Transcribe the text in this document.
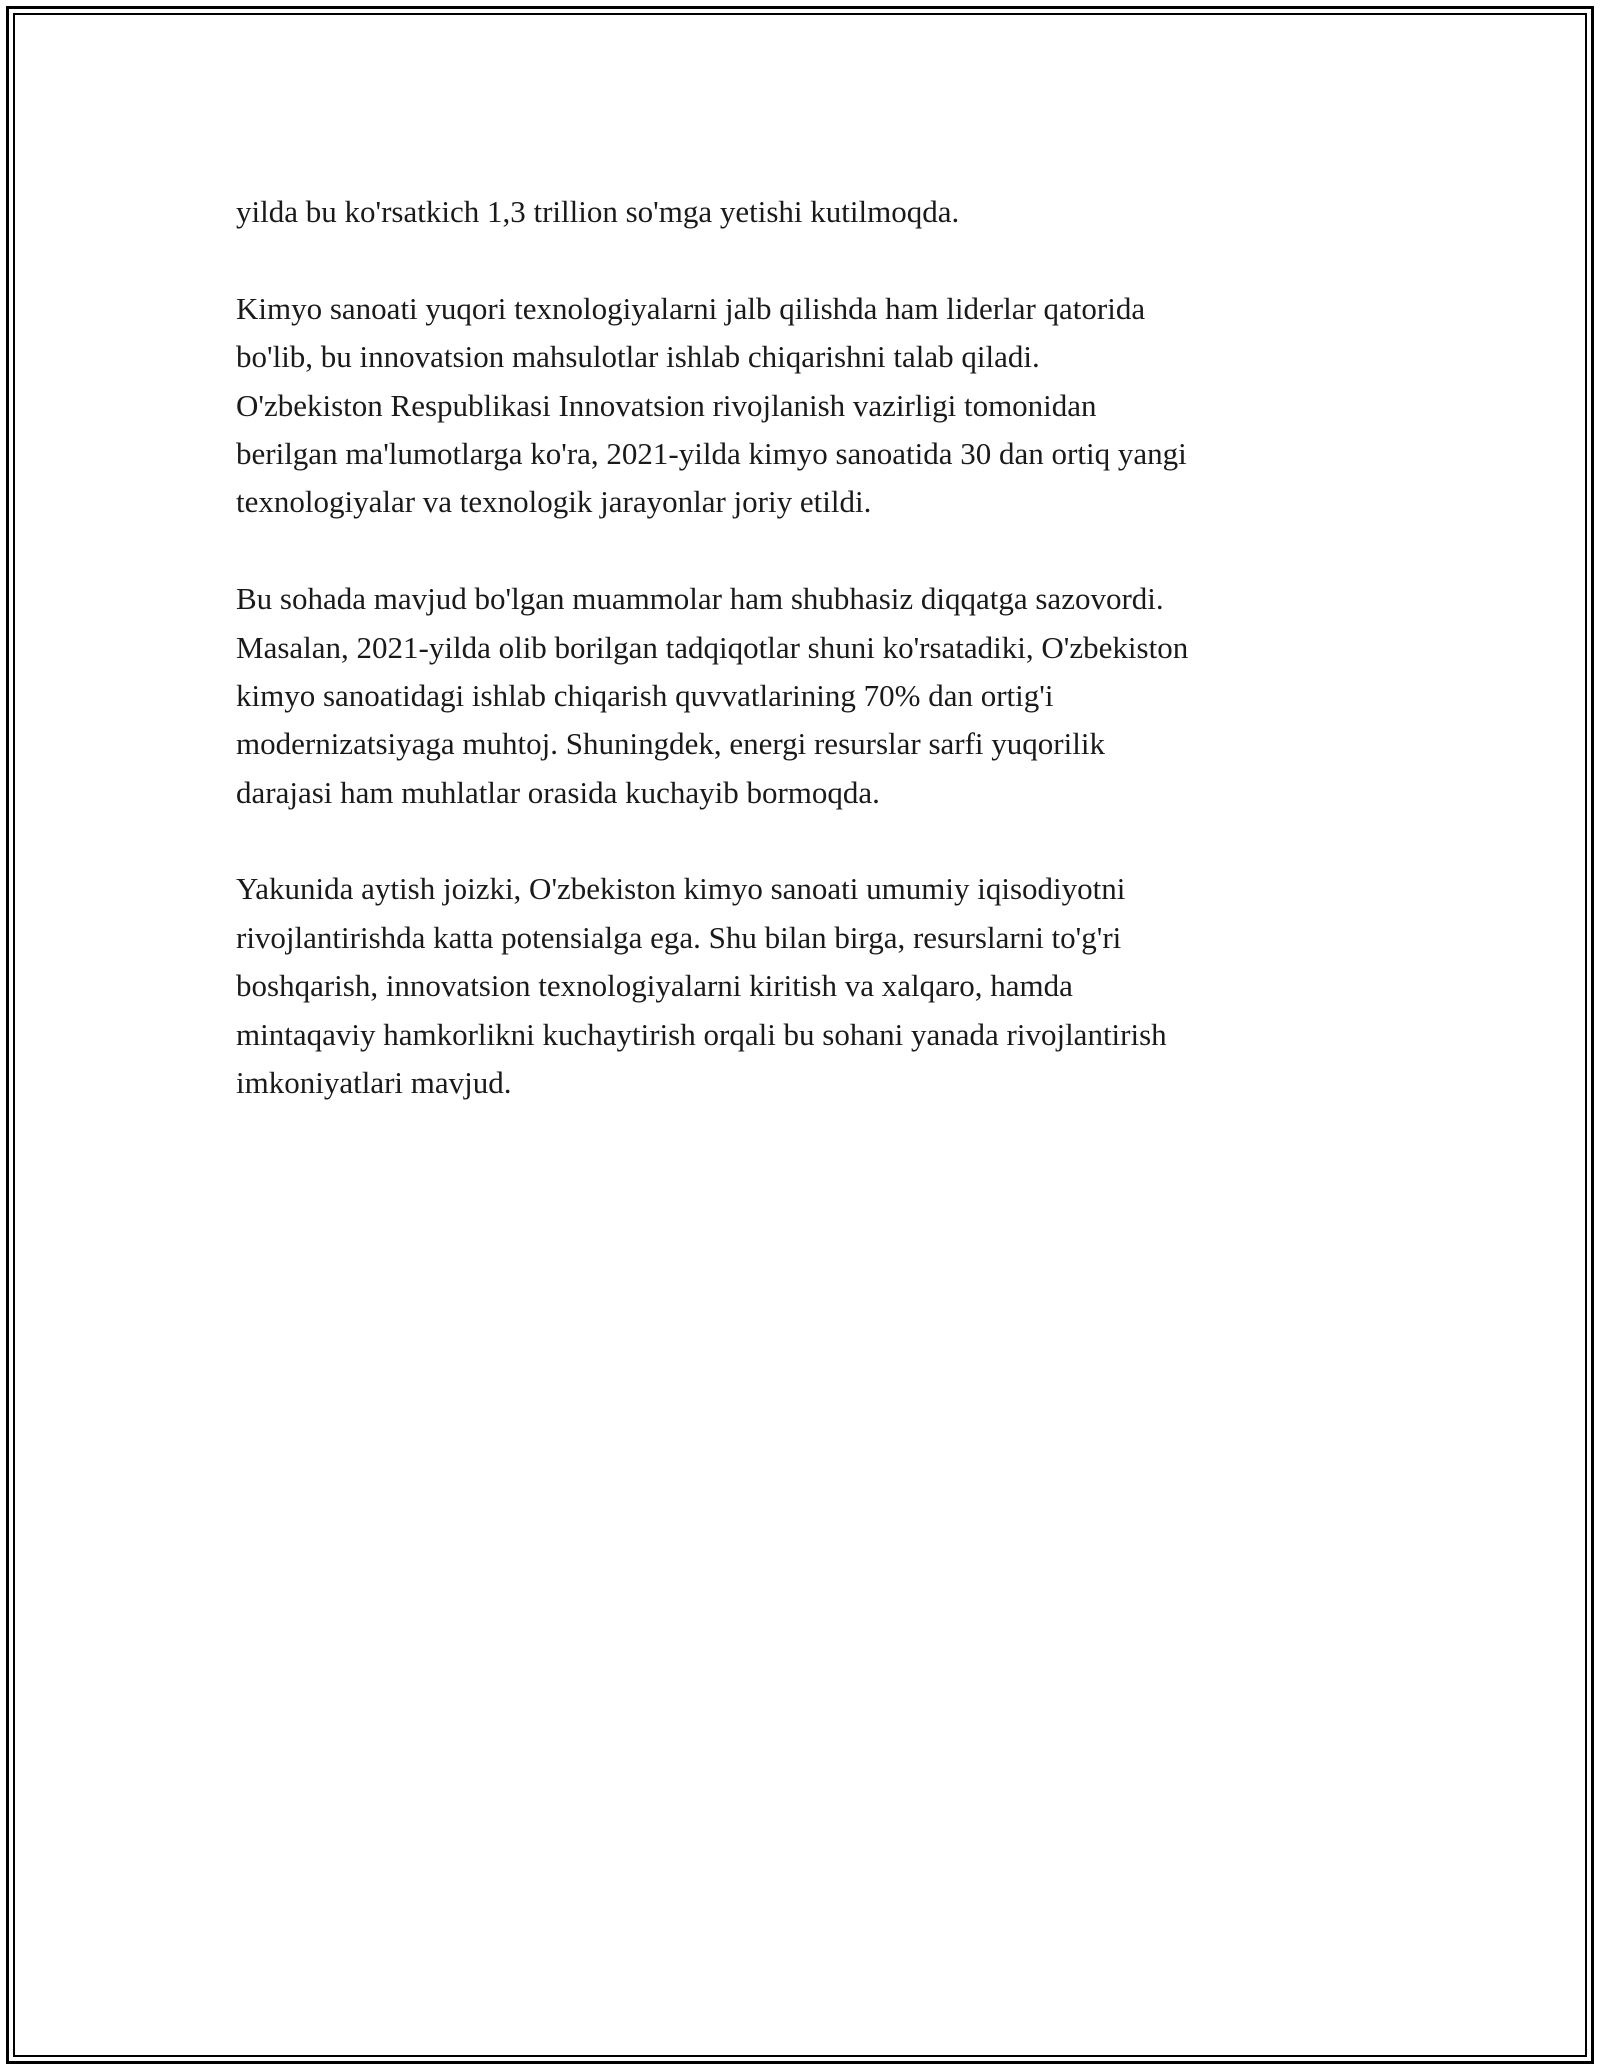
yilda bu ko'rsatkich 1,3 trillion so'mga yetishi kutilmoqda.
Kimyo sanoati yuqori texnologiyalarni jalb qilishda ham liderlar qatorida
bo'lib, bu innovatsion mahsulotlar ishlab chiqarishni talab qiladi.
O'zbekiston Respublikasi Innovatsion rivojlanish vazirligi tomonidan
berilgan ma'lumotlarga ko'ra, 2021-yilda kimyo sanoatida 30 dan ortiq yangi
texnologiyalar va texnologik jarayonlar joriy etildi.
Bu sohada mavjud bo'lgan muammolar ham shubhasiz diqqatga sazovordi.
Masalan, 2021-yilda olib borilgan tadqiqotlar shuni ko'rsatadiki, O'zbekiston
kimyo sanoatidagi ishlab chiqarish quvvatlarining 70% dan ortig'i
modernizatsiyaga muhtoj. Shuningdek, energi resurslar sarfi yuqorilik
darajasi ham muhlatlar orasida kuchayib bormoqda.
Yakunida aytish joizki, O'zbekiston kimyo sanoati umumiy iqisodiyotni
rivojlantirishda katta potensialga ega. Shu bilan birga, resurslarni to'g'ri
boshqarish, innovatsion texnologiyalarni kiritish va xalqaro, hamda
mintaqaviy hamkorlikni kuchaytirish orqali bu sohani yanada rivojlantirish
imkoniyatlari mavjud.
